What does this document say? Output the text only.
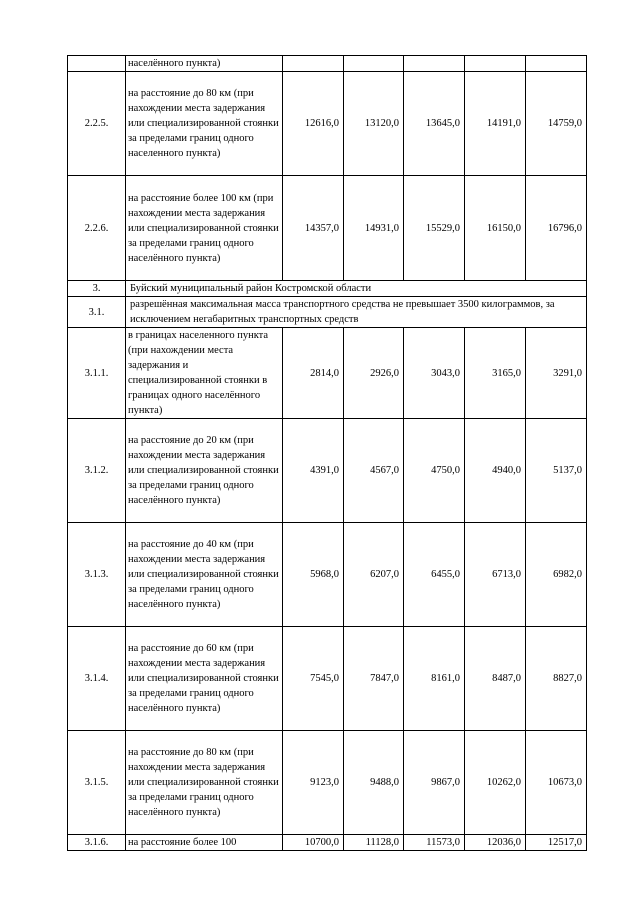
	населённого пункта)					
2.2.5.	на расстояние до 80 км (при нахождении места задержания или специализированной стоянки за пределами границ одного населенного пункта)	12616,0	13120,0	13645,0	14191,0	14759,0
2.2.6.	на расстояние более 100 км (при нахождении места задержания или специализированной стоянки за пределами границ одного населённого пункта)	14357,0	14931,0	15529,0	16150,0	16796,0
3.	Буйский муниципальный район Костромской области					
3.1.	разрешённая максимальная масса транспортного средства не превышает 3500 килограммов, за исключением негабаритных транспортных средств					
3.1.1.	в границах населенного пункта (при нахождении места задержания и специализированной стоянки в границах одного населённого пункта)	2814,0	2926,0	3043,0	3165,0	3291,0
3.1.2.	на расстояние до 20 км (при нахождении места задержания или специализированной стоянки за пределами границ одного населённого пункта)	4391,0	4567,0	4750,0	4940,0	5137,0
3.1.3.	на расстояние до 40 км (при нахождении места задержания или специализированной стоянки за пределами границ одного населённого пункта)	5968,0	6207,0	6455,0	6713,0	6982,0
3.1.4.	на расстояние до 60 км (при нахождении места задержания или специализированной стоянки за пределами границ одного населённого пункта)	7545,0	7847,0	8161,0	8487,0	8827,0
3.1.5.	на расстояние до 80 км (при нахождении места задержания или специализированной стоянки за пределами границ одного населённого пункта)	9123,0	9488,0	9867,0	10262,0	10673,0
3.1.6.	на расстояние более 100	10700,0	11128,0	11573,0	12036,0	12517,0
